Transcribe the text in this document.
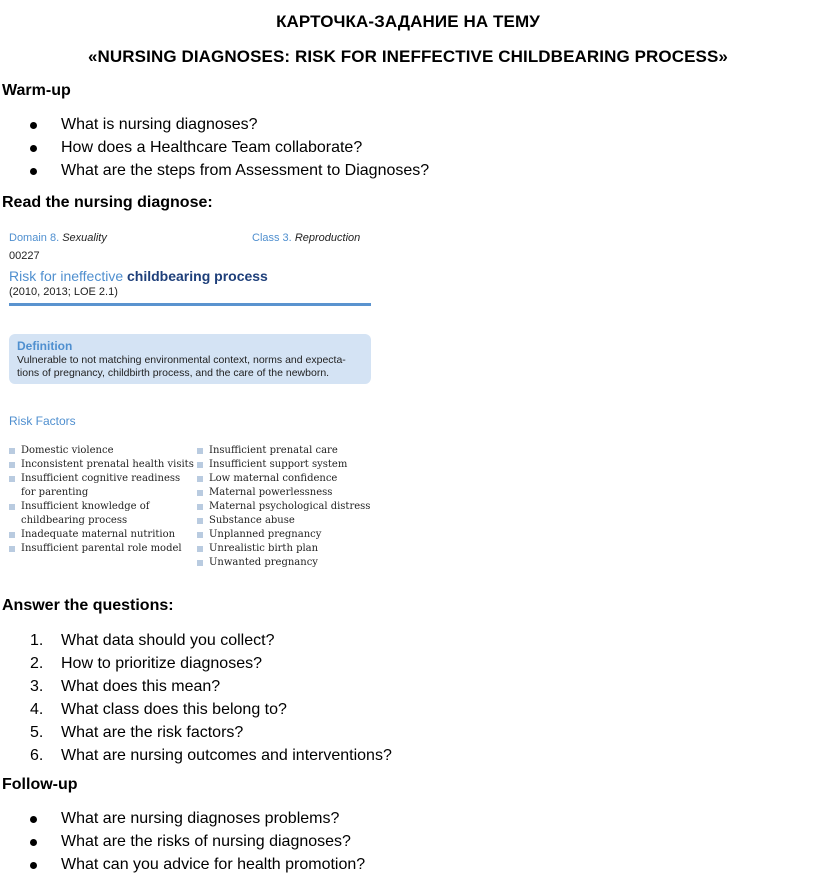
КАРТОЧКА-ЗАДАНИЕ НА ТЕМУ
«NURSING DIAGNOSES: RISK FOR INEFFECTIVE CHILDBEARING PROCESS»
Warm-up
What is nursing diagnoses?
How does a Healthcare Team collaborate?
What are the steps from Assessment to Diagnoses?
Read the nursing diagnose:
Domain 8. Sexuality	Class 3. Reproduction
00227
Risk for ineffective childbearing process
(2010, 2013; LOE 2.1)
Definition
Vulnerable to not matching environmental context, norms and expecta-tions of pregnancy, childbirth process, and the care of the newborn.
Risk Factors
Domestic violence
Inconsistent prenatal health visits
Insufficient cognitive readiness for parenting
Insufficient knowledge of childbearing process
Inadequate maternal nutrition
Insufficient parental role model
Insufficient prenatal care
Insufficient support system
Low maternal confidence
Maternal powerlessness
Maternal psychological distress
Substance abuse
Unplanned pregnancy
Unrealistic birth plan
Unwanted pregnancy
Answer the questions:
1. What data should you collect?
2. How to prioritize diagnoses?
3. What does this mean?
4. What class does this belong to?
5. What are the risk factors?
6. What are nursing outcomes and interventions?
Follow-up
What are nursing diagnoses problems?
What are the risks of nursing diagnoses?
What can you advice for health promotion?
